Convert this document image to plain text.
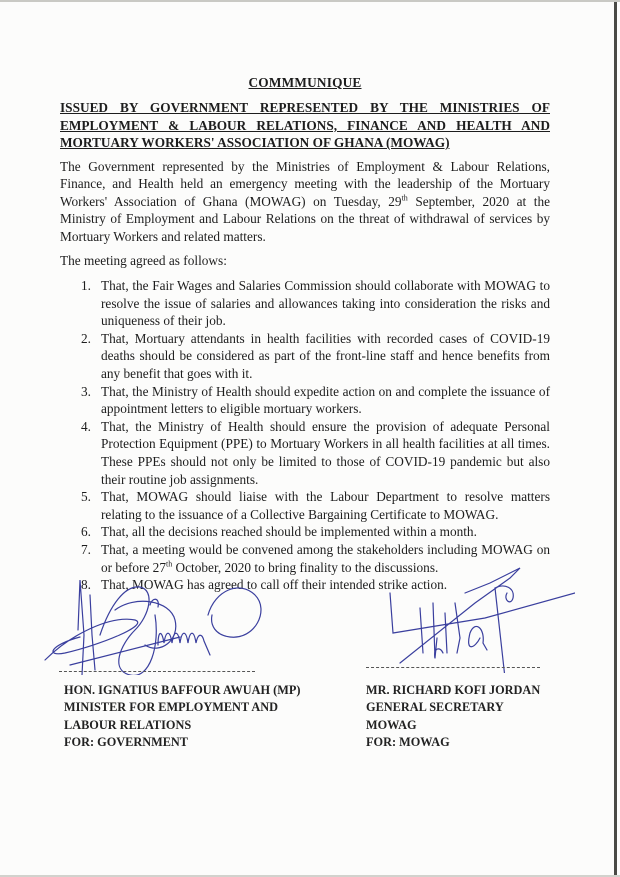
COMMMUNIQUE
ISSUED BY GOVERNMENT REPRESENTED BY THE MINISTRIES OF
EMPLOYMENT & LABOUR RELATIONS, FINANCE AND HEALTH AND
MORTUARY WORKERS' ASSOCIATION OF GHANA (MOWAG)
The Government represented by the Ministries of Employment & Labour Relations, Finance, and Health held an emergency meeting with the leadership of the Mortuary Workers' Association of Ghana (MOWAG) on Tuesday, 29th September, 2020 at the Ministry of Employment and Labour Relations on the threat of withdrawal of services by Mortuary Workers and related matters.
The meeting agreed as follows:
1. That, the Fair Wages and Salaries Commission should collaborate with MOWAG to resolve the issue of salaries and allowances taking into consideration the risks and uniqueness of their job.
2. That, Mortuary attendants in health facilities with recorded cases of COVID-19 deaths should be considered as part of the front-line staff and hence benefits from any benefit that goes with it.
3. That, the Ministry of Health should expedite action on and complete the issuance of appointment letters to eligible mortuary workers.
4. That, the Ministry of Health should ensure the provision of adequate Personal Protection Equipment (PPE) to Mortuary Workers in all health facilities at all times. These PPEs should not only be limited to those of COVID-19 pandemic but also their routine job assignments.
5. That, MOWAG should liaise with the Labour Department to resolve matters relating to the issuance of a Collective Bargaining Certificate to MOWAG.
6. That, all the decisions reached should be implemented within a month.
7. That, a meeting would be convened among the stakeholders including MOWAG on or before 27th October, 2020 to bring finality to the discussions.
8. That, MOWAG has agreed to call off their intended strike action.
HON. IGNATIUS BAFFOUR AWUAH (MP)
MINISTER FOR EMPLOYMENT AND
LABOUR RELATIONS
FOR: GOVERNMENT
MR. RICHARD KOFI JORDAN
GENERAL SECRETARY
MOWAG
FOR: MOWAG
